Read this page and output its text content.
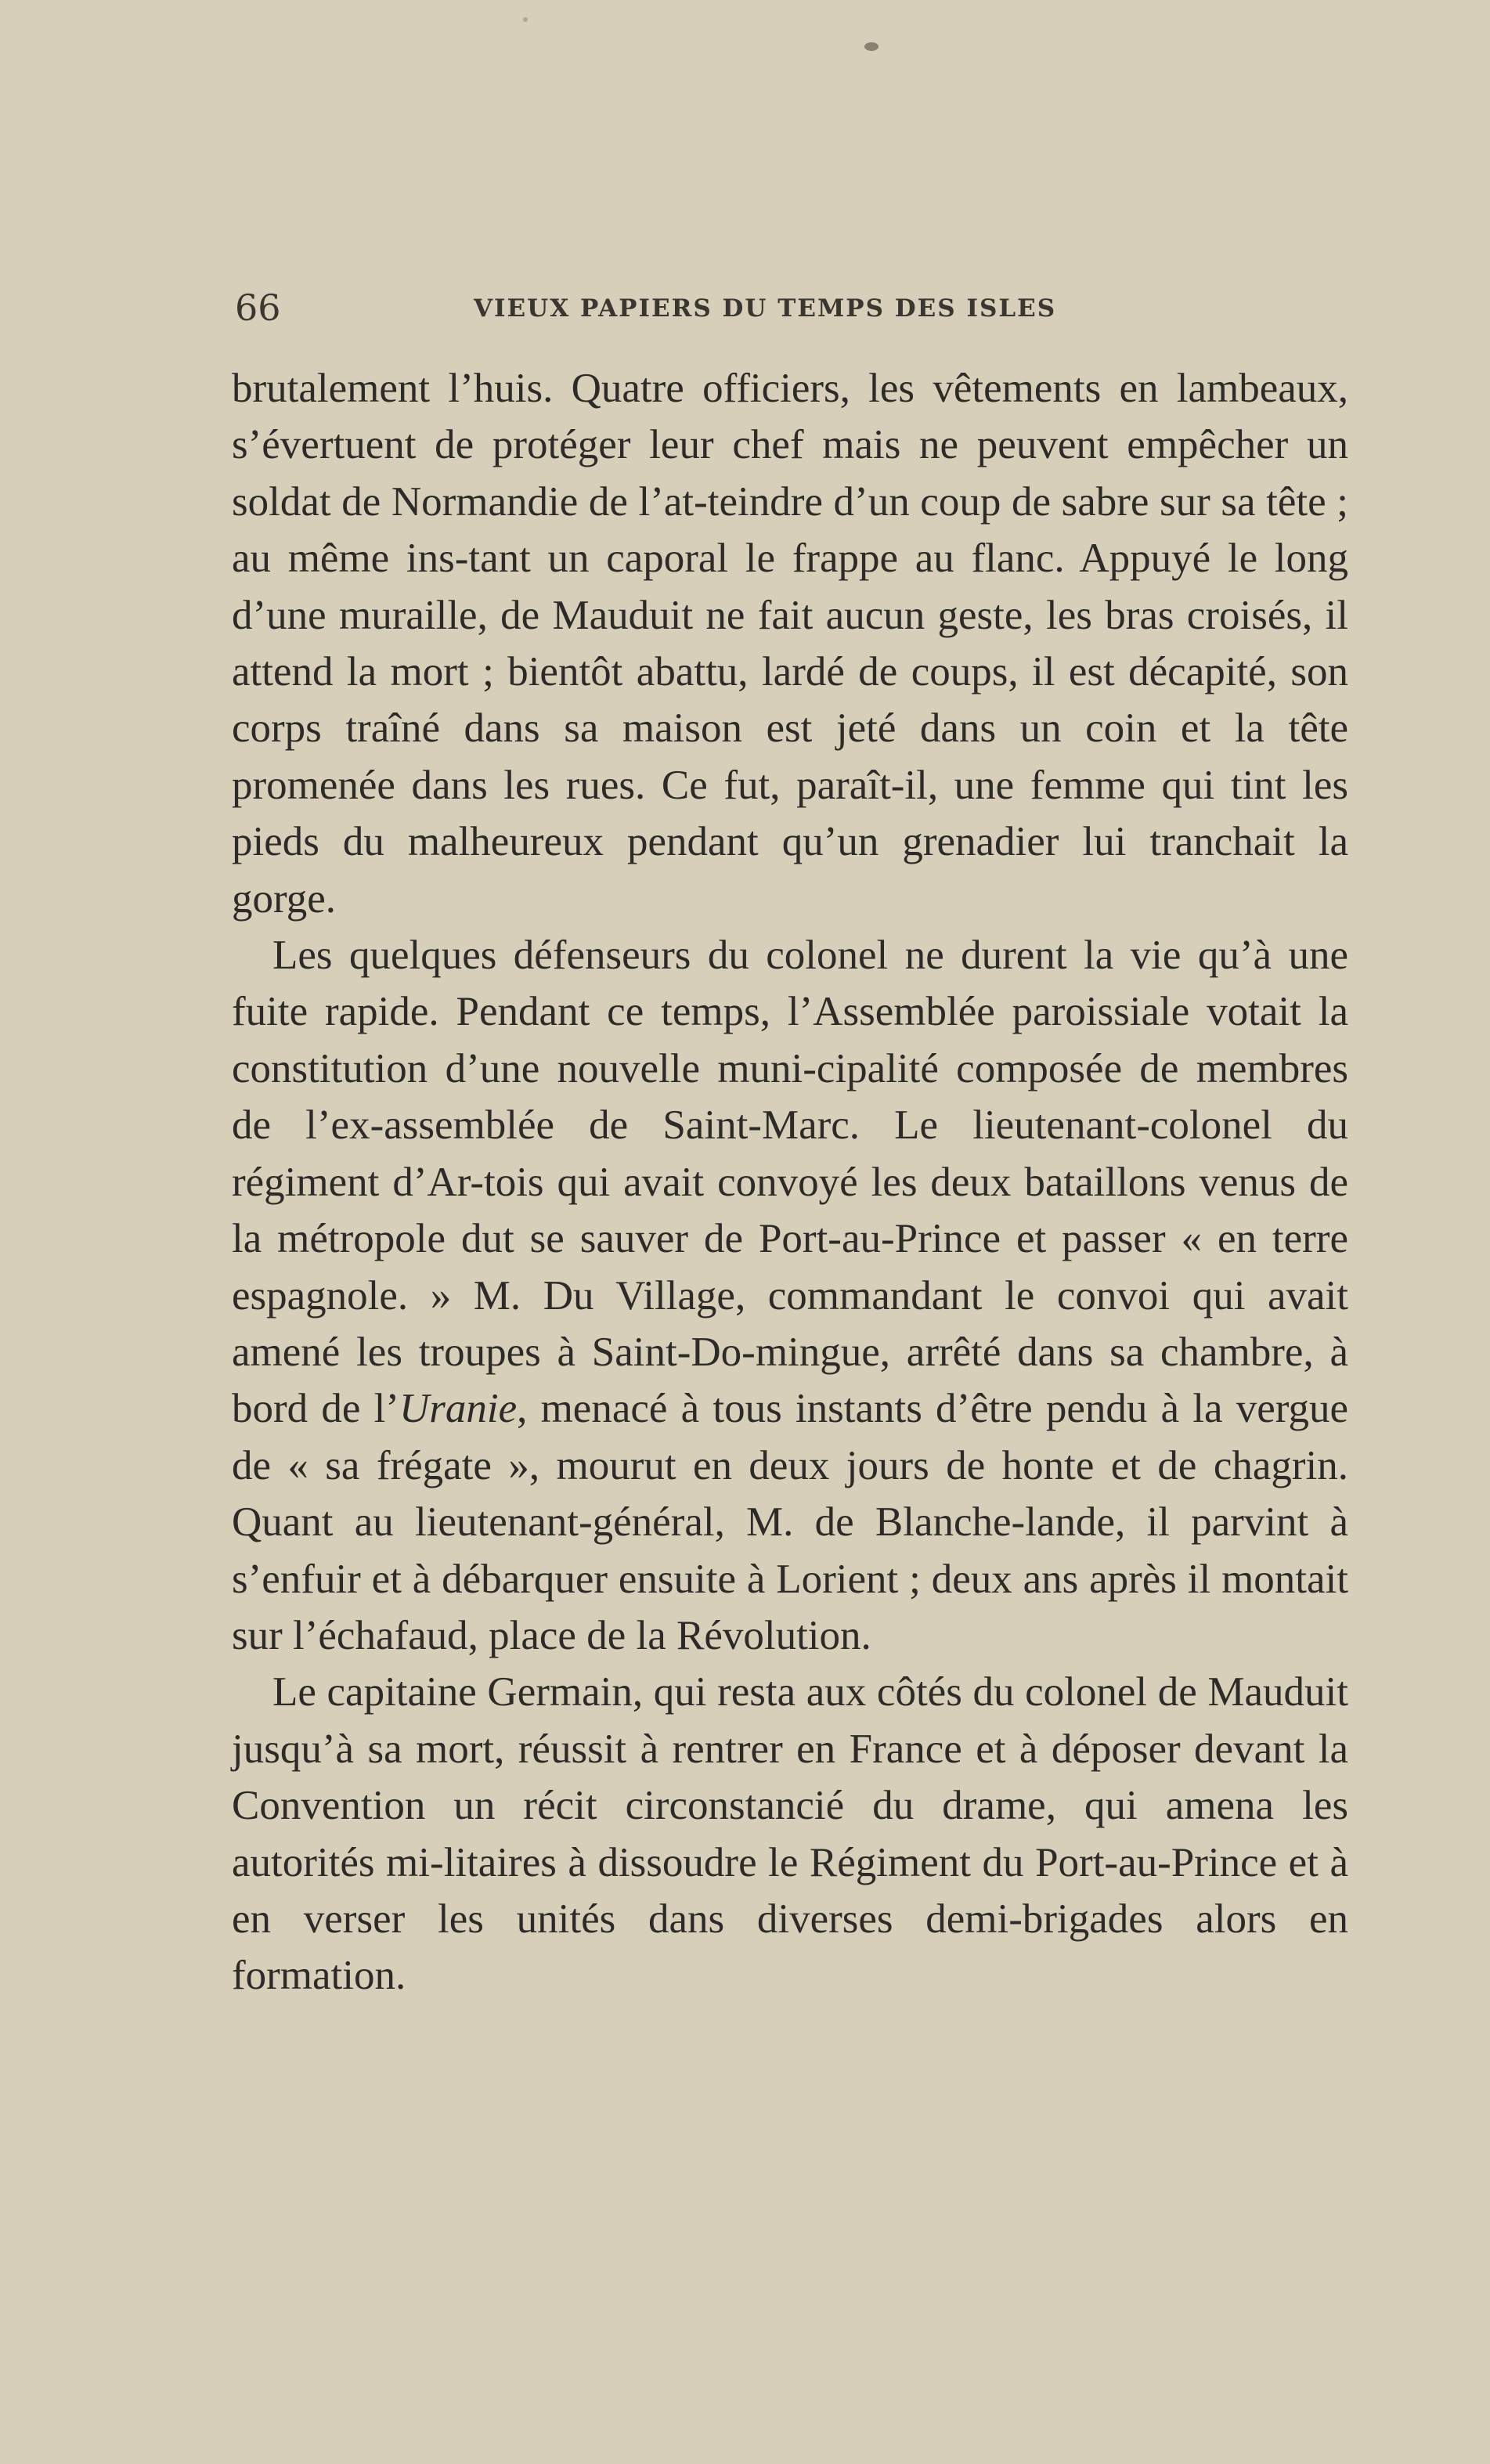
66	VIEUX PAPIERS DU TEMPS DES ISLES

brutalement l’huis. Quatre officiers, les vêtements en lambeaux, s’évertuent de protéger leur chef mais ne peuvent empêcher un soldat de Normandie de l’at-teindre d’un coup de sabre sur sa tête ; au même ins-tant un caporal le frappe au flanc. Appuyé le long d’une muraille, de Mauduit ne fait aucun geste, les bras croisés, il attend la mort ; bientôt abattu, lardé de coups, il est décapité, son corps traîné dans sa maison est jeté dans un coin et la tête promenée dans les rues. Ce fut, paraît-il, une femme qui tint les pieds du malheureux pendant qu’un grenadier lui tranchait la gorge.

Les quelques défenseurs du colonel ne durent la vie qu’à une fuite rapide. Pendant ce temps, l’Assemblée paroissiale votait la constitution d’une nouvelle muni-cipalité composée de membres de l’ex-assemblée de Saint-Marc. Le lieutenant-colonel du régiment d’Ar-tois qui avait convoyé les deux bataillons venus de la métropole dut se sauver de Port-au-Prince et passer « en terre espagnole. » M. Du Village, commandant le convoi qui avait amené les troupes à Saint-Do-mingue, arrêté dans sa chambre, à bord de l’Uranie, menacé à tous instants d’être pendu à la vergue de « sa frégate », mourut en deux jours de honte et de chagrin. Quant au lieutenant-général, M. de Blanche-lande, il parvint à s’enfuir et à débarquer ensuite à Lorient ; deux ans après il montait sur l’échafaud, place de la Révolution.

Le capitaine Germain, qui resta aux côtés du colonel de Mauduit jusqu’à sa mort, réussit à rentrer en France et à déposer devant la Convention un récit circonstancié du drame, qui amena les autorités mi-litaires à dissoudre le Régiment du Port-au-Prince et à en verser les unités dans diverses demi-brigades alors en formation.
